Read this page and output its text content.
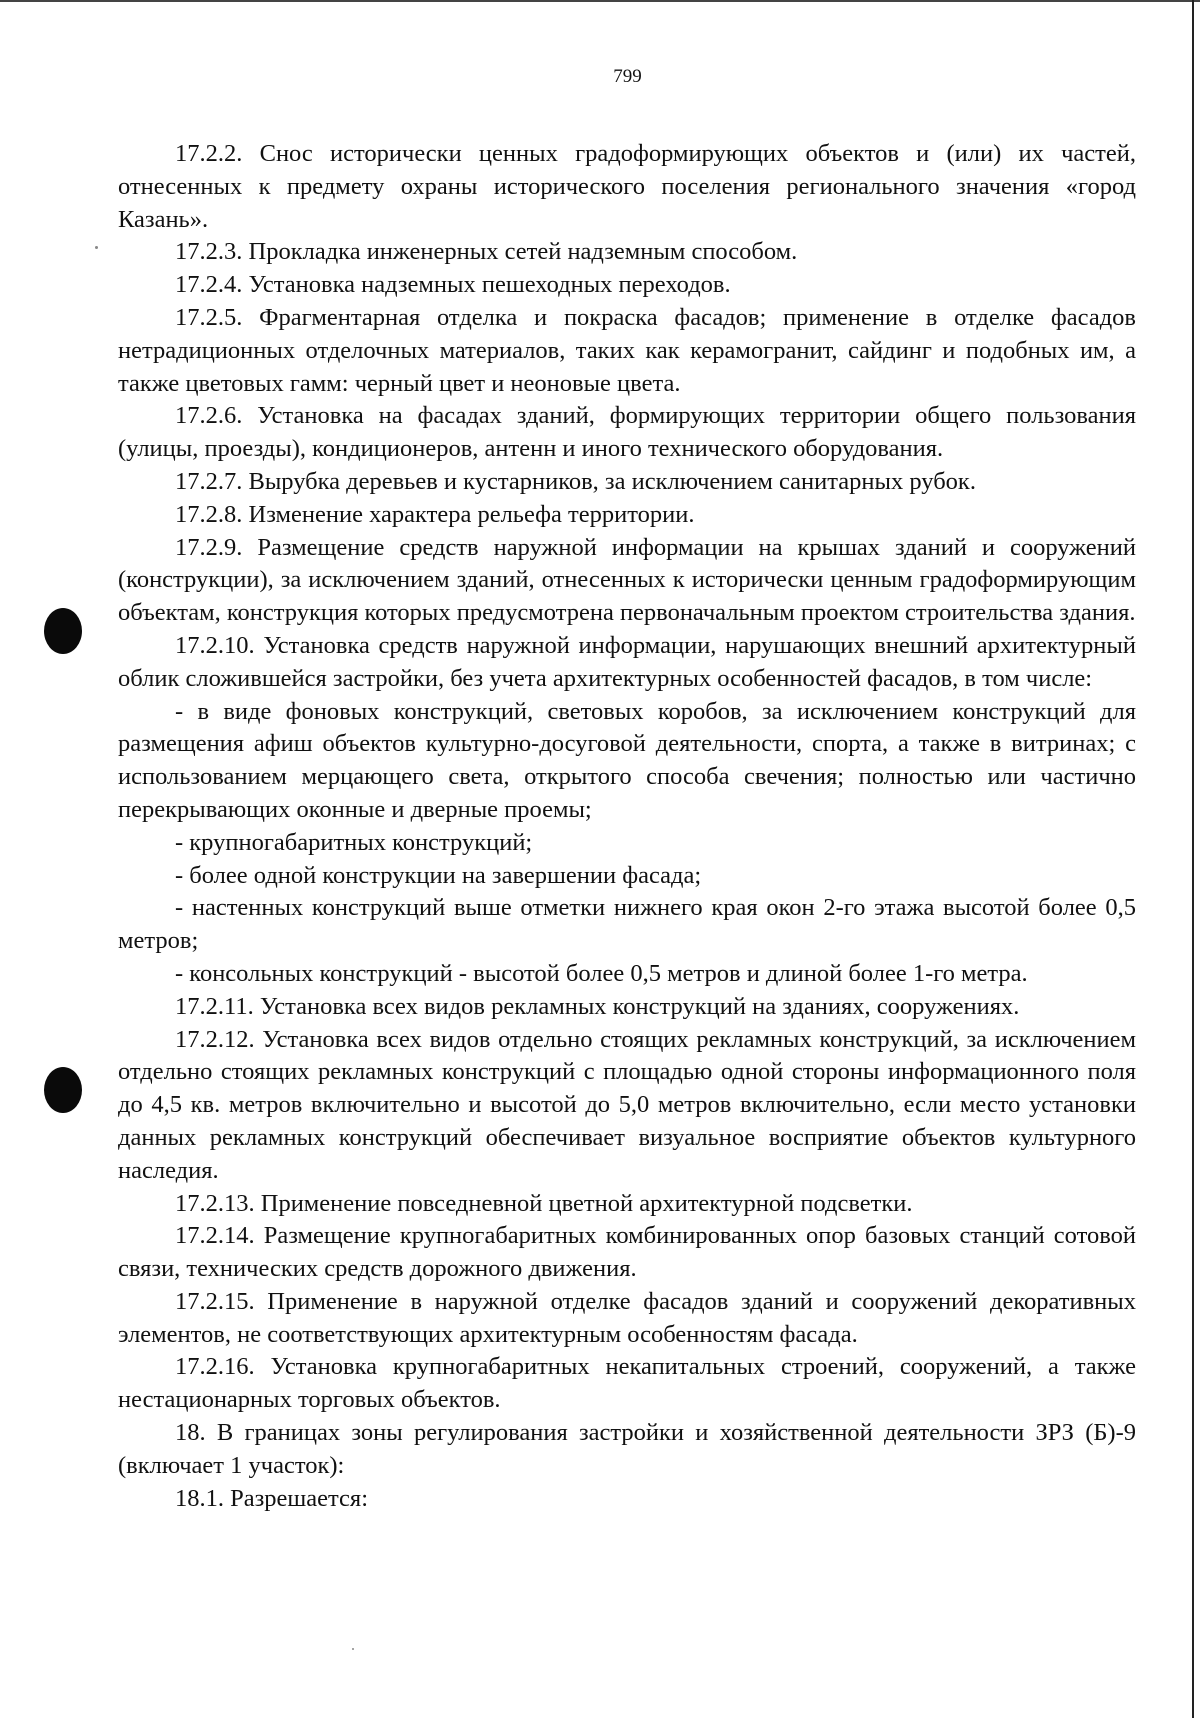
799

17.2.2. Снос исторически ценных градоформирующих объектов и (или) их частей, отнесенных к предмету охраны исторического поселения регионального значения «город Казань».

17.2.3. Прокладка инженерных сетей надземным способом.

17.2.4. Установка надземных пешеходных переходов.

17.2.5. Фрагментарная отделка и покраска фасадов; применение в отделке фасадов нетрадиционных отделочных материалов, таких как керамогранит, сайдинг и подобных им, а также цветовых гамм: черный цвет и неоновые цвета.

17.2.6. Установка на фасадах зданий, формирующих территории общего пользования (улицы, проезды), кондиционеров, антенн и иного технического оборудования.

17.2.7. Вырубка деревьев и кустарников, за исключением санитарных рубок.

17.2.8. Изменение характера рельефа территории.

17.2.9. Размещение средств наружной информации на крышах зданий и сооружений (конструкции), за исключением зданий, отнесенных к исторически ценным градоформирующим объектам, конструкция которых предусмотрена первоначальным проектом строительства здания.

17.2.10. Установка средств наружной информации, нарушающих внешний архитектурный облик сложившейся застройки, без учета архитектурных особенностей фасадов, в том числе:

- в виде фоновых конструкций, световых коробов, за исключением конструкций для размещения афиш объектов культурно-досуговой деятельности, спорта, а также в витринах; с использованием мерцающего света, открытого способа свечения; полностью или частично перекрывающих оконные и дверные проемы;

- крупногабаритных конструкций;

- более одной конструкции на завершении фасада;

- настенных конструкций выше отметки нижнего края окон 2-го этажа высотой более 0,5 метров;

- консольных конструкций - высотой более 0,5 метров и длиной более 1-го метра.

17.2.11. Установка всех видов рекламных конструкций на зданиях, сооружениях.

17.2.12. Установка всех видов отдельно стоящих рекламных конструкций, за исключением отдельно стоящих рекламных конструкций с площадью одной стороны информационного поля до 4,5 кв. метров включительно и высотой до 5,0 метров включительно, если место установки данных рекламных конструкций обеспечивает визуальное восприятие объектов культурного наследия.

17.2.13. Применение повседневной цветной архитектурной подсветки.

17.2.14. Размещение крупногабаритных комбинированных опор базовых станций сотовой связи, технических средств дорожного движения.

17.2.15. Применение в наружной отделке фасадов зданий и сооружений декоративных элементов, не соответствующих архитектурным особенностям фасада.

17.2.16. Установка крупногабаритных некапитальных строений, сооружений, а также нестационарных торговых объектов.

18. В границах зоны регулирования застройки и хозяйственной деятельности ЗРЗ (Б)-9 (включает 1 участок):

18.1. Разрешается:
